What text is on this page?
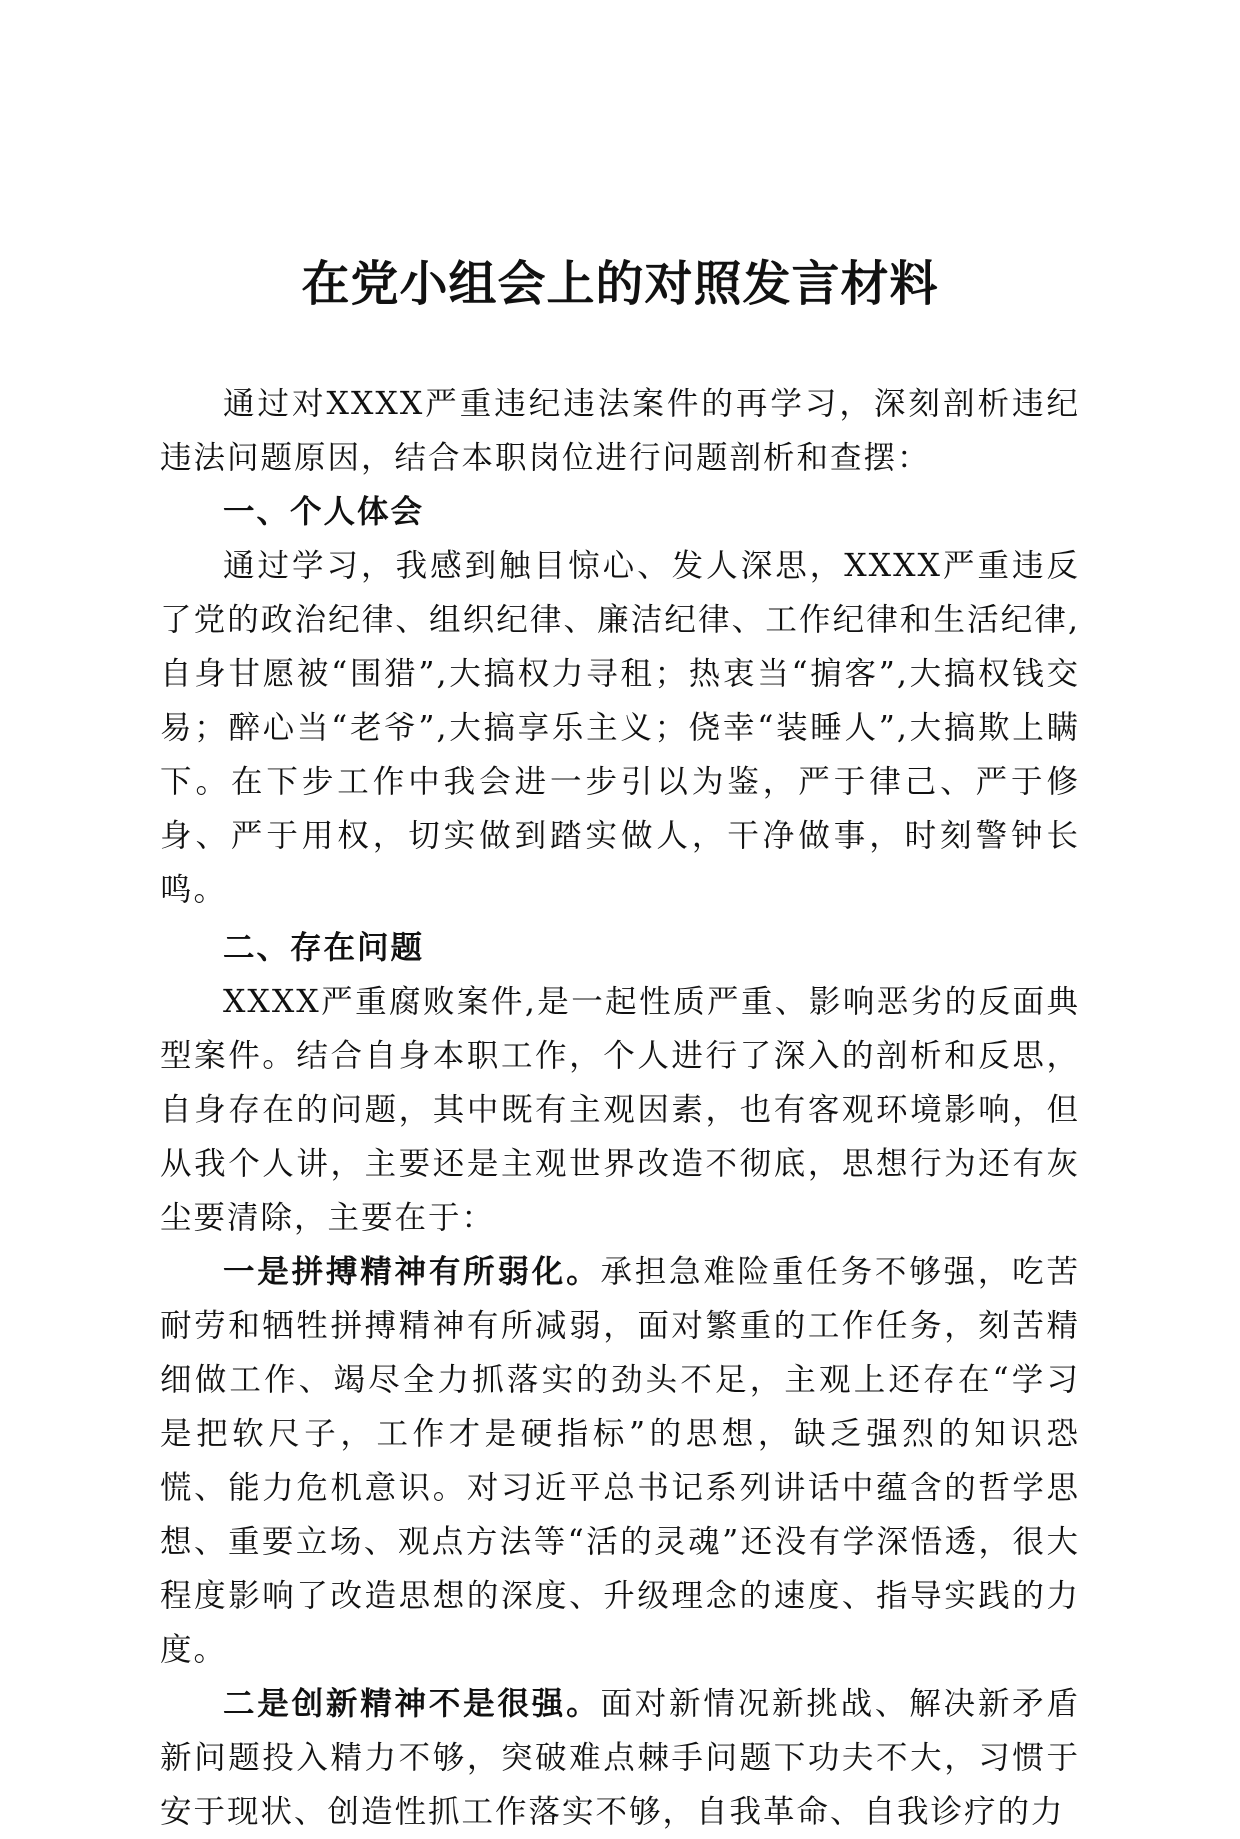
在党小组会上的对照发言材料

通过对XXXX严重违纪违法案件的再学习，深刻剖析违纪违法问题原因，结合本职岗位进行问题剖析和查摆：

一、个人体会

通过学习，我感到触目惊心、发人深思，XXXX严重违反了党的政治纪律、组织纪律、廉洁纪律、工作纪律和生活纪律,自身甘愿被“围猎”,大搞权力寻租；热衷当“掮客”,大搞权钱交易；醉心当“老爷”,大搞享乐主义；侥幸“装睡人”,大搞欺上瞒下。在下步工作中我会进一步引以为鉴，严于律己、严于修身、严于用权，切实做到踏实做人，干净做事，时刻警钟长鸣。

二、存在问题

XXXX严重腐败案件,是一起性质严重、影响恶劣的反面典型案件。结合自身本职工作，个人进行了深入的剖析和反思，自身存在的问题，其中既有主观因素，也有客观环境影响，但从我个人讲，主要还是主观世界改造不彻底，思想行为还有灰尘要清除，主要在于：

一是拼搏精神有所弱化。承担急难险重任务不够强，吃苦耐劳和牺牲拼搏精神有所减弱，面对繁重的工作任务，刻苦精细做工作、竭尽全力抓落实的劲头不足，主观上还存在“学习是把软尺子，工作才是硬指标”的思想，缺乏强烈的知识恐慌、能力危机意识。对习近平总书记系列讲话中蕴含的哲学思想、重要立场、观点方法等“活的灵魂”还没有学深悟透，很大程度影响了改造思想的深度、升级理念的速度、指导实践的力度。

二是创新精神不是很强。面对新情况新挑战、解决新矛盾新问题投入精力不够，突破难点棘手问题下功夫不大，习惯于安于现状、创造性抓工作落实不够，自我革命、自我诊疗的力
